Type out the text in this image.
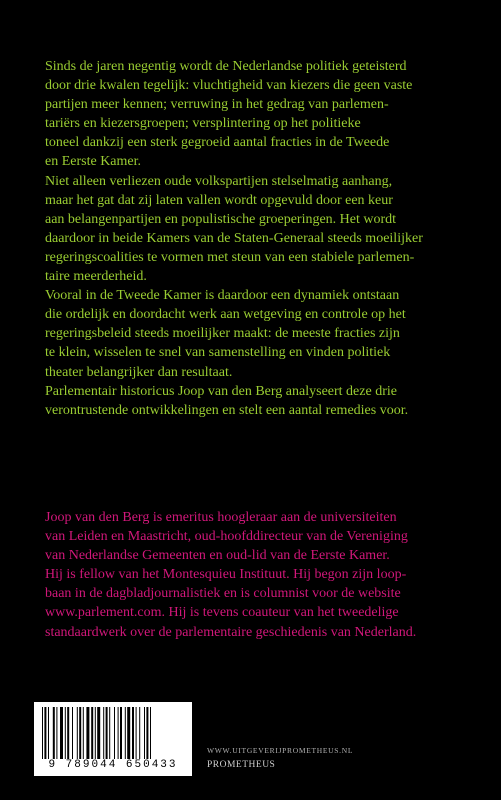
Sinds de jaren negentig wordt de Nederlandse politiek geteisterd
door drie kwalen tegelijk: vluchtigheid van kiezers die geen vaste
partijen meer kennen; verruwing in het gedrag van parlemen-
tariërs en kiezersgroepen; versplintering op het politieke
toneel dankzij een sterk gegroeid aantal fracties in de Tweede
en Eerste Kamer.

Niet alleen verliezen oude volkspartijen stelselmatig aanhang,
maar het gat dat zij laten vallen wordt opgevuld door een keur
aan belangenpartijen en populistische groeperingen. Het wordt
daardoor in beide Kamers van de Staten-Generaal steeds moeilijker
regeringscoalities te vormen met steun van een stabiele parlemen-
taire meerderheid.

Vooral in de Tweede Kamer is daardoor een dynamiek ontstaan
die ordelijk en doordacht werk aan wetgeving en controle op het
regeringsbeleid steeds moeilijker maakt: de meeste fracties zijn
te klein, wisselen te snel van samenstelling en vinden politiek
theater belangrijker dan resultaat.

Parlementair historicus Joop van den Berg analyseert deze drie
verontrustende ontwikkelingen en stelt een aantal remedies voor.

Joop van den Berg is emeritus hoogleraar aan de universiteiten
van Leiden en Maastricht, oud-hoofddirecteur van de Vereniging
van Nederlandse Gemeenten en oud-lid van de Eerste Kamer.
Hij is fellow van het Montesquieu Instituut. Hij begon zijn loop-
baan in de dagbladjournalistiek en is columnist voor de website
www.parlement.com. Hij is tevens coauteur van het tweedelige
standaardwerk over de parlementaire geschiedenis van Nederland.
9 789044 650433
WWW.UITGEVERIJPROMETHEUS.NL
PROMETHEUS
